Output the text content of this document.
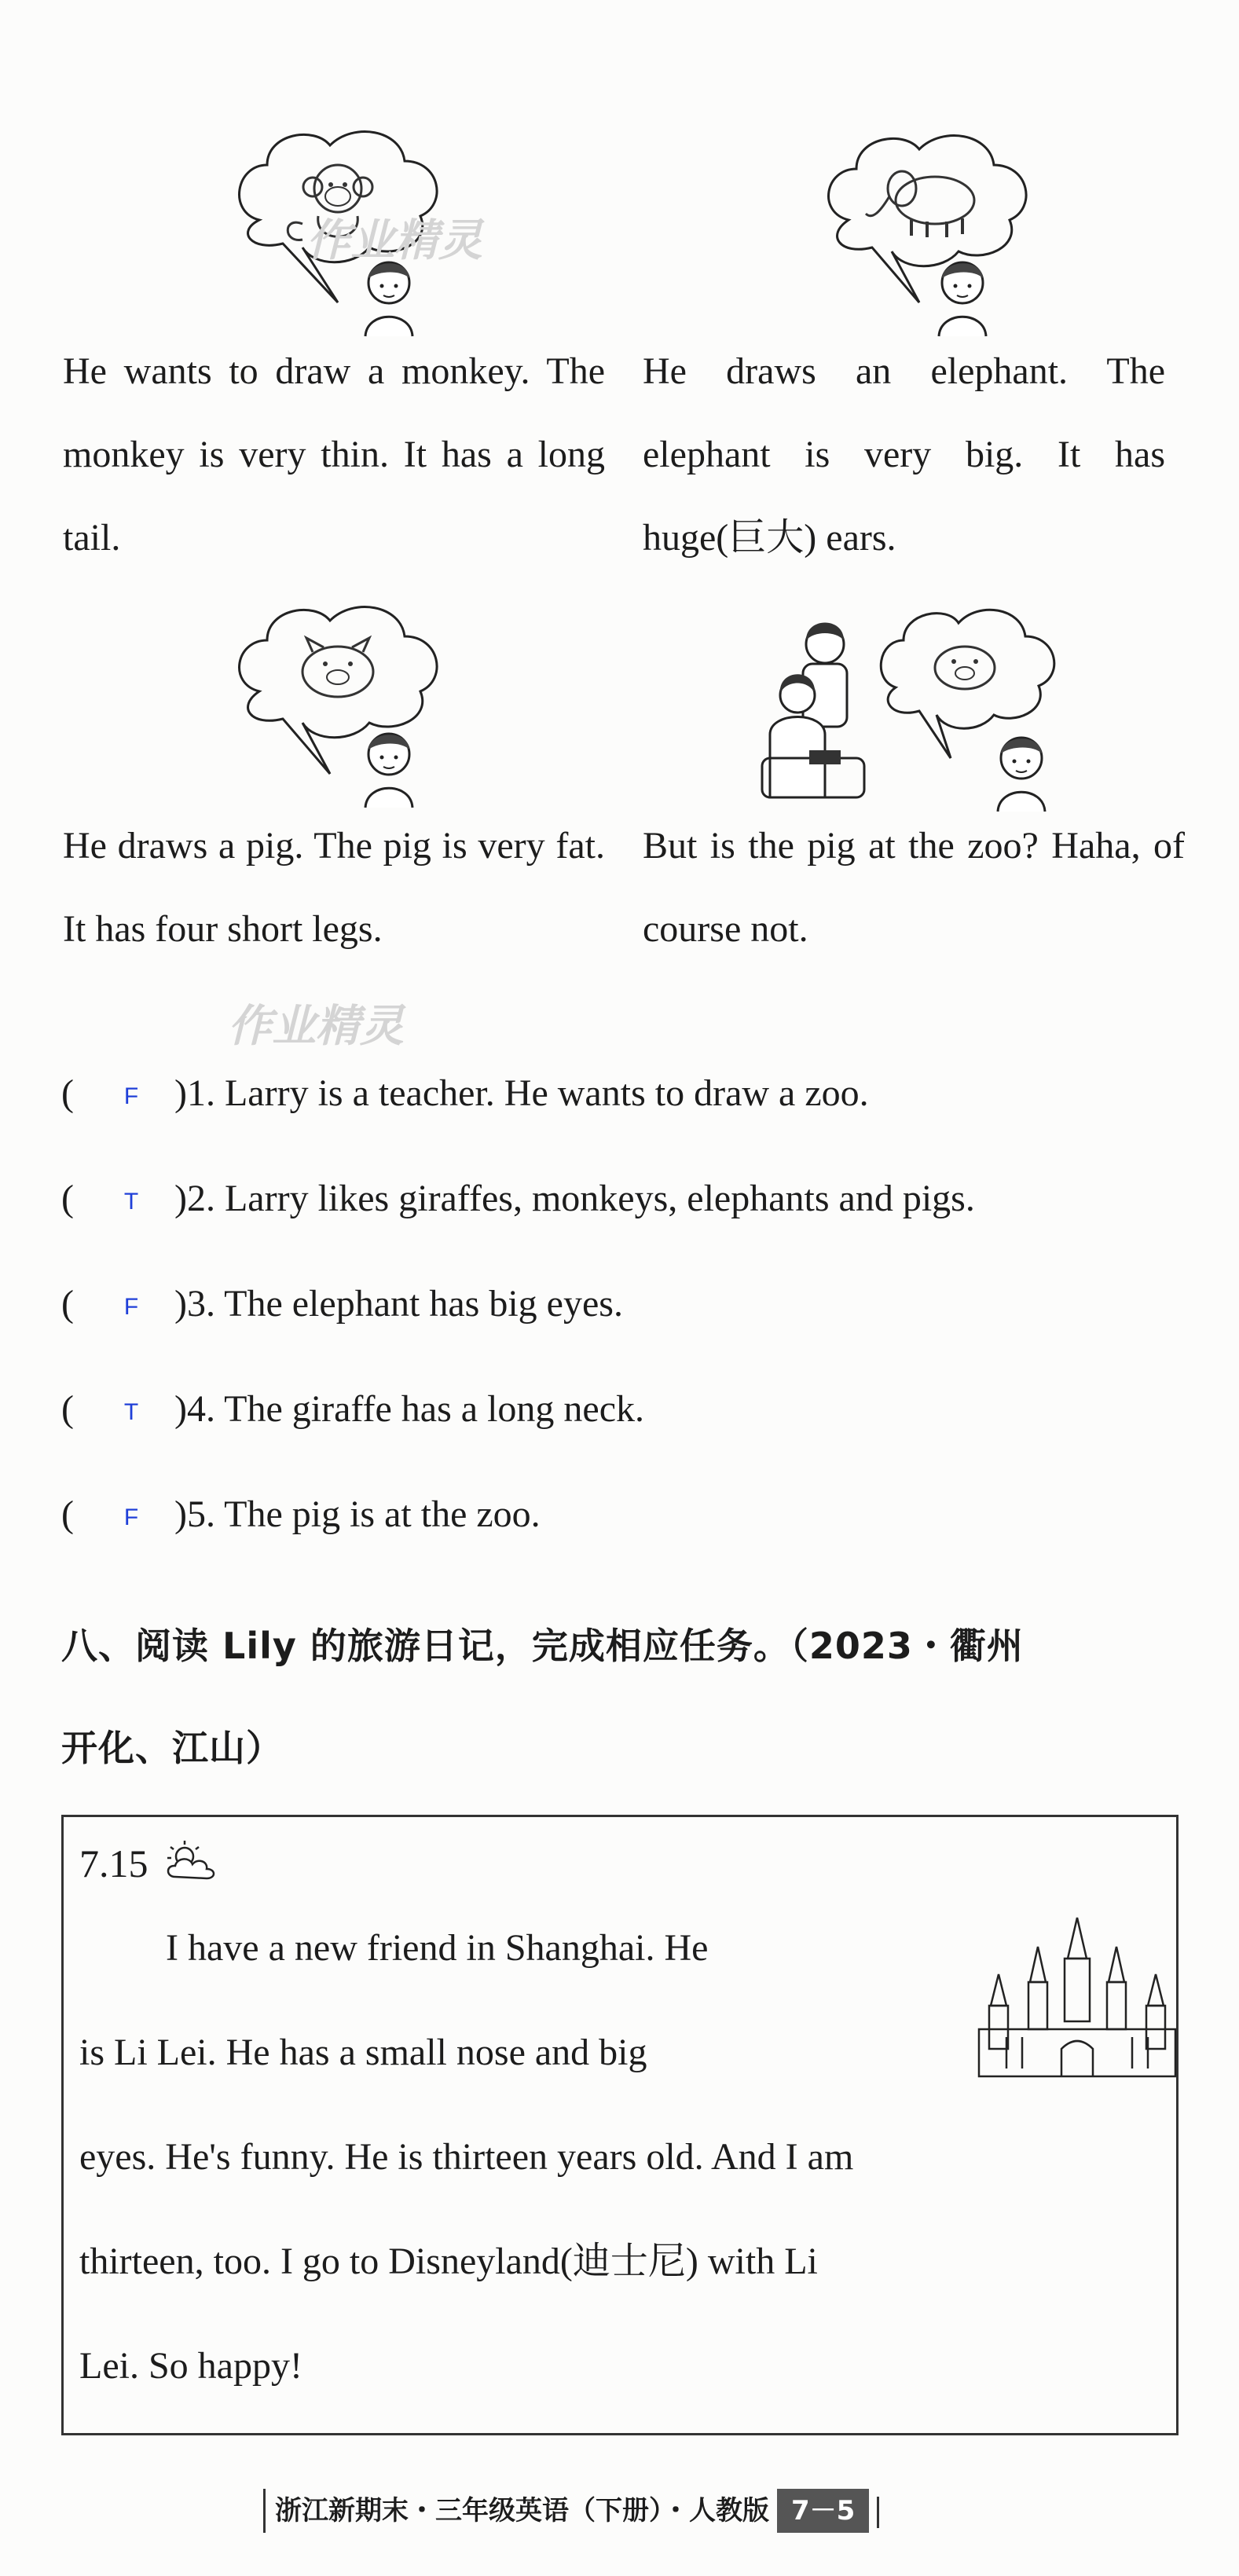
作业精灵
He wants to draw a monkey. The monkey is very thin. It has a long tail.
He draws an elephant. The elephant is very big. It has huge(巨大) ears.
He draws a pig. The pig is very fat. It has four short legs.
But is the pig at the zoo? Haha, of course not.
作业精灵
( F )1. Larry is a teacher. He wants to draw a zoo.
( T )2. Larry likes giraffes, monkeys, elephants and pigs.
( F )3. The elephant has big eyes.
( T )4. The giraffe has a long neck.
( F )5. The pig is at the zoo.
八、阅读 Lily 的旅游日记，完成相应任务。（2023・衢州
开化、江山）
7.15

I have a new friend in Shanghai. He

is Li Lei. He has a small nose and big

eyes. He's funny. He is thirteen years old. And I am

thirteen, too. I go to Disneyland(迪士尼) with Li

Lei. So happy!

浙江新期末・三年级英语（下册）・人教版 7－5
